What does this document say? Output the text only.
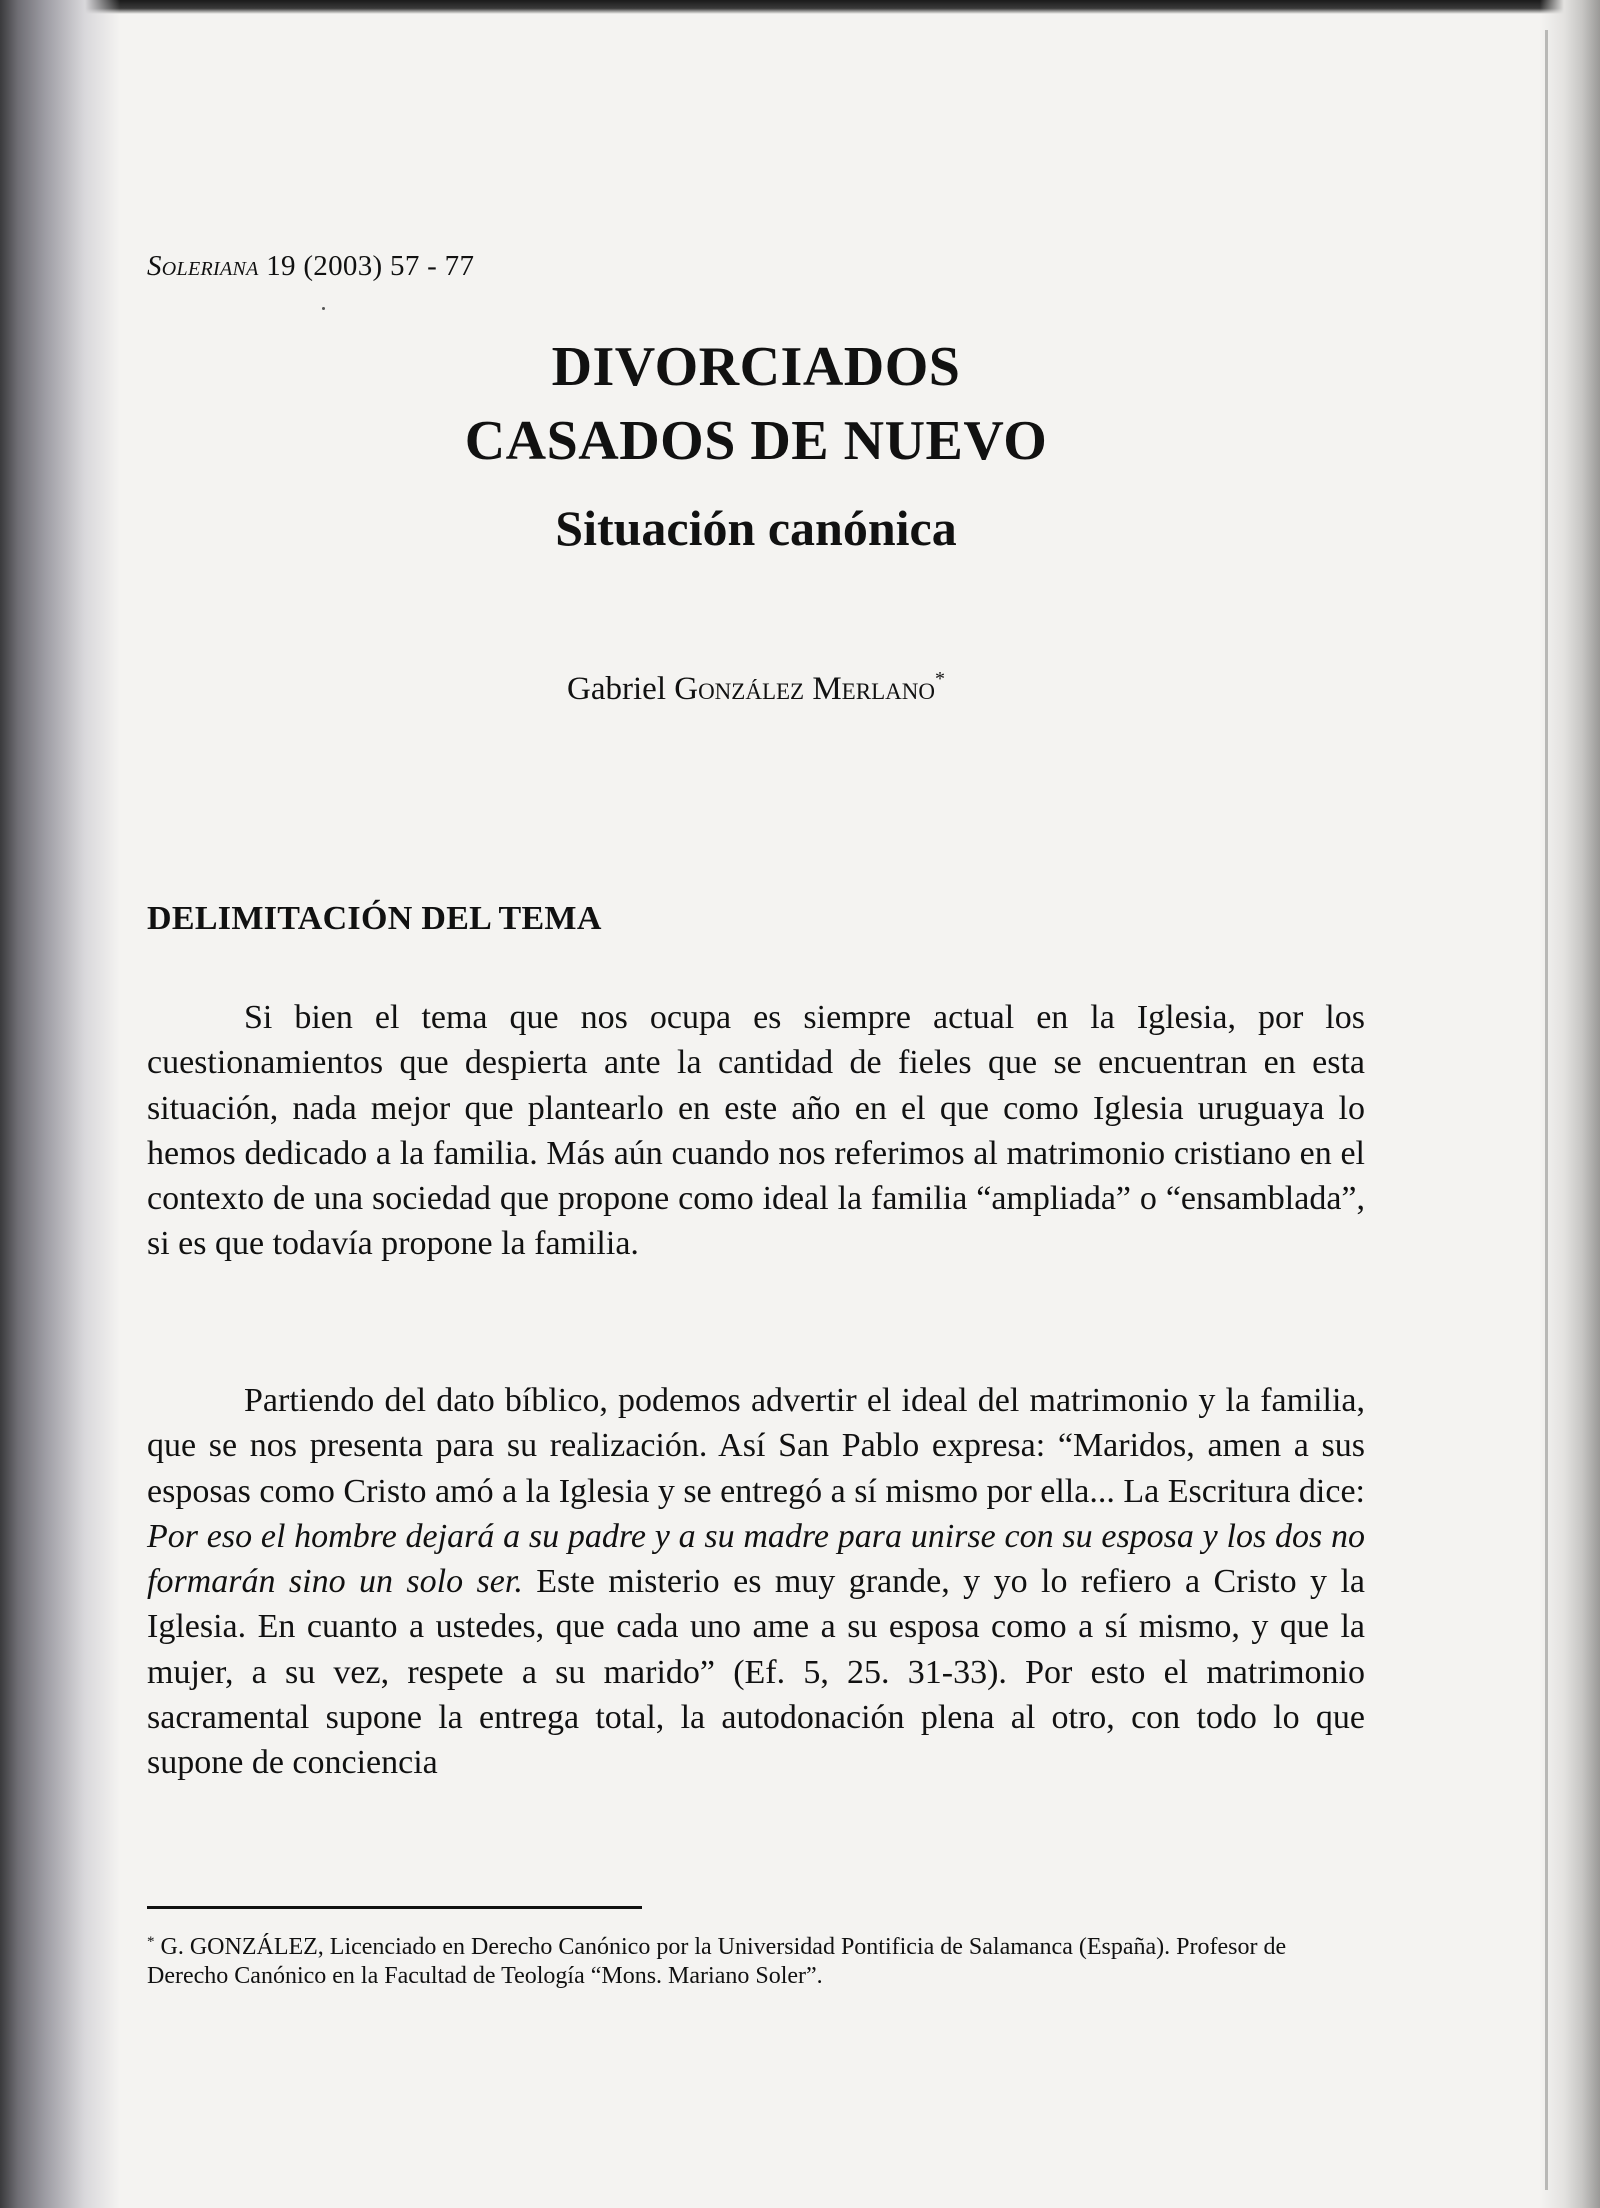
Soleriana 19 (2003) 57 - 77
DIVORCIADOS
CASADOS DE NUEVO
Situación canónica
Gabriel González Merlano*
DELIMITACIÓN DEL TEMA

Si bien el tema que nos ocupa es siempre actual en la Iglesia, por los cuestionamientos que despierta ante la cantidad de fieles que se encuentran en esta situación, nada mejor que plantearlo en este año en el que como Iglesia uruguaya lo hemos dedicado a la familia. Más aún cuando nos referimos al matrimonio cristiano en el contexto de una sociedad que propone como ideal la familia “ampliada” o “ensamblada”, si es que todavía propone la familia.

Partiendo del dato bíblico, podemos advertir el ideal del matrimonio y la familia, que se nos presenta para su realización. Así San Pablo expresa: “Maridos, amen a sus esposas como Cristo amó a la Iglesia y se entregó a sí mismo por ella... La Escritura dice: Por eso el hombre dejará a su padre y a su madre para unirse con su esposa y los dos no formarán sino un solo ser. Este misterio es muy grande, y yo lo refiero a Cristo y la Iglesia. En cuanto a ustedes, que cada uno ame a su esposa como a sí mismo, y que la mujer, a su vez, respete a su marido” (Ef. 5, 25. 31-33). Por esto el matrimonio sacramental supone la entrega total, la autodonación plena al otro, con todo lo que supone de conciencia

* G. GONZÁLEZ, Licenciado en Derecho Canónico por la Universidad Pontificia de Salamanca (España). Profesor de Derecho Canónico en la Facultad de Teología “Mons. Mariano Soler”.
